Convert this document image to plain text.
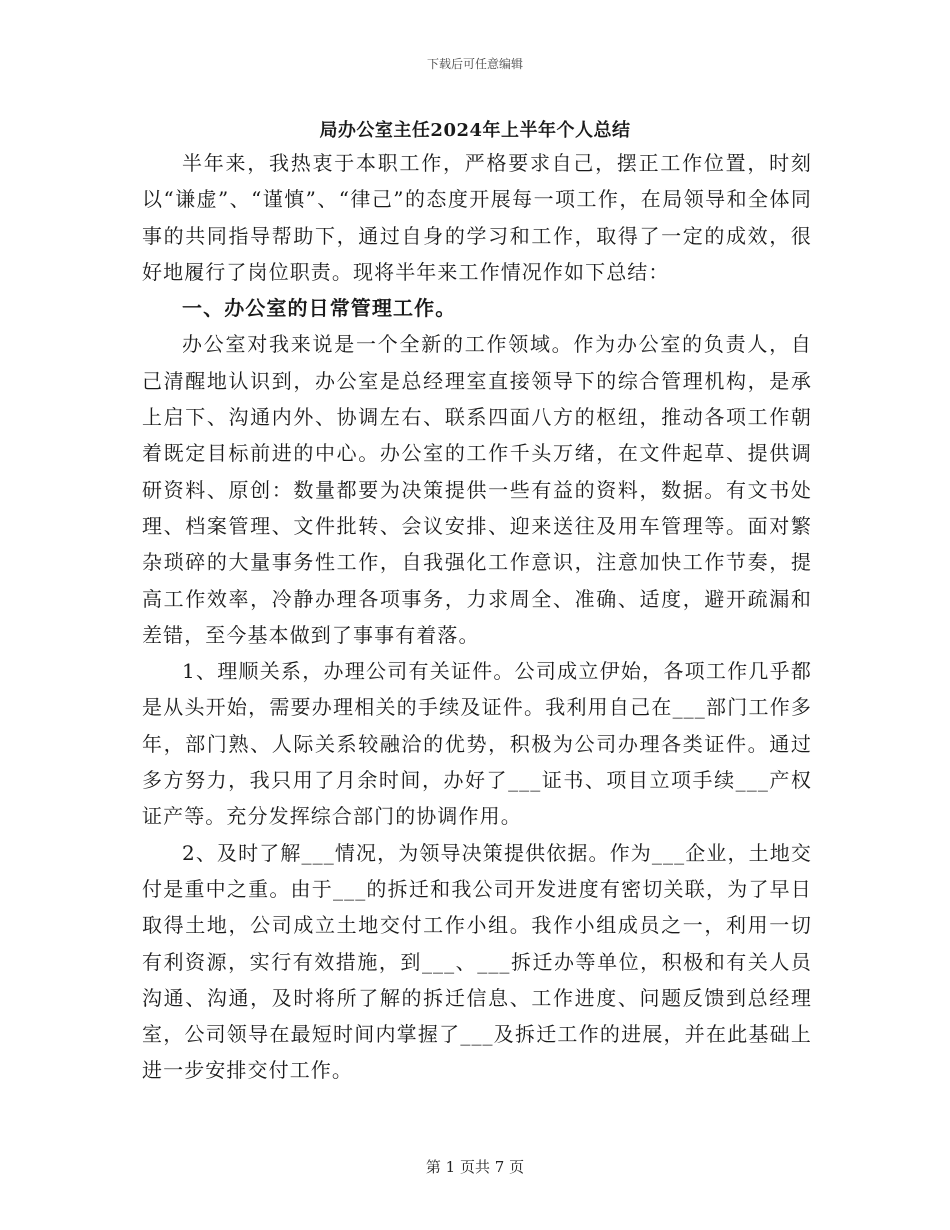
下载后可任意编辑
局办公室主任2024年上半年个人总结

半年来，我热衷于本职工作，严格要求自己，摆正工作位置，时刻以“谦虚”、“谨慎”、“律己”的态度开展每一项工作，在局领导和全体同事的共同指导帮助下，通过自身的学习和工作，取得了一定的成效，很好地履行了岗位职责。现将半年来工作情况作如下总结：

一、办公室的日常管理工作。

办公室对我来说是一个全新的工作领域。作为办公室的负责人，自己清醒地认识到，办公室是总经理室直接领导下的综合管理机构，是承上启下、沟通内外、协调左右、联系四面八方的枢纽，推动各项工作朝着既定目标前进的中心。办公室的工作千头万绪，在文件起草、提供调研资料、原创：数量都要为决策提供一些有益的资料，数据。有文书处理、档案管理、文件批转、会议安排、迎来送往及用车管理等。面对繁杂琐碎的大量事务性工作，自我强化工作意识，注意加快工作节奏，提高工作效率，冷静办理各项事务，力求周全、准确、适度，避开疏漏和差错，至今基本做到了事事有着落。

1、理顺关系，办理公司有关证件。公司成立伊始，各项工作几乎都是从头开始，需要办理相关的手续及证件。我利用自己在___部门工作多年，部门熟、人际关系较融洽的优势，积极为公司办理各类证件。通过多方努力，我只用了月余时间，办好了___证书、项目立项手续___产权证产等。充分发挥综合部门的协调作用。

2、及时了解___情况，为领导决策提供依据。作为___企业，土地交付是重中之重。由于___的拆迁和我公司开发进度有密切关联，为了早日取得土地，公司成立土地交付工作小组。我作小组成员之一，利用一切有利资源，实行有效措施，到___、___拆迁办等单位，积极和有关人员沟通、沟通，及时将所了解的拆迁信息、工作进度、问题反馈到总经理室，公司领导在最短时间内掌握了___及拆迁工作的进展，并在此基础上进一步安排交付工作。

第 1 页共 7 页
